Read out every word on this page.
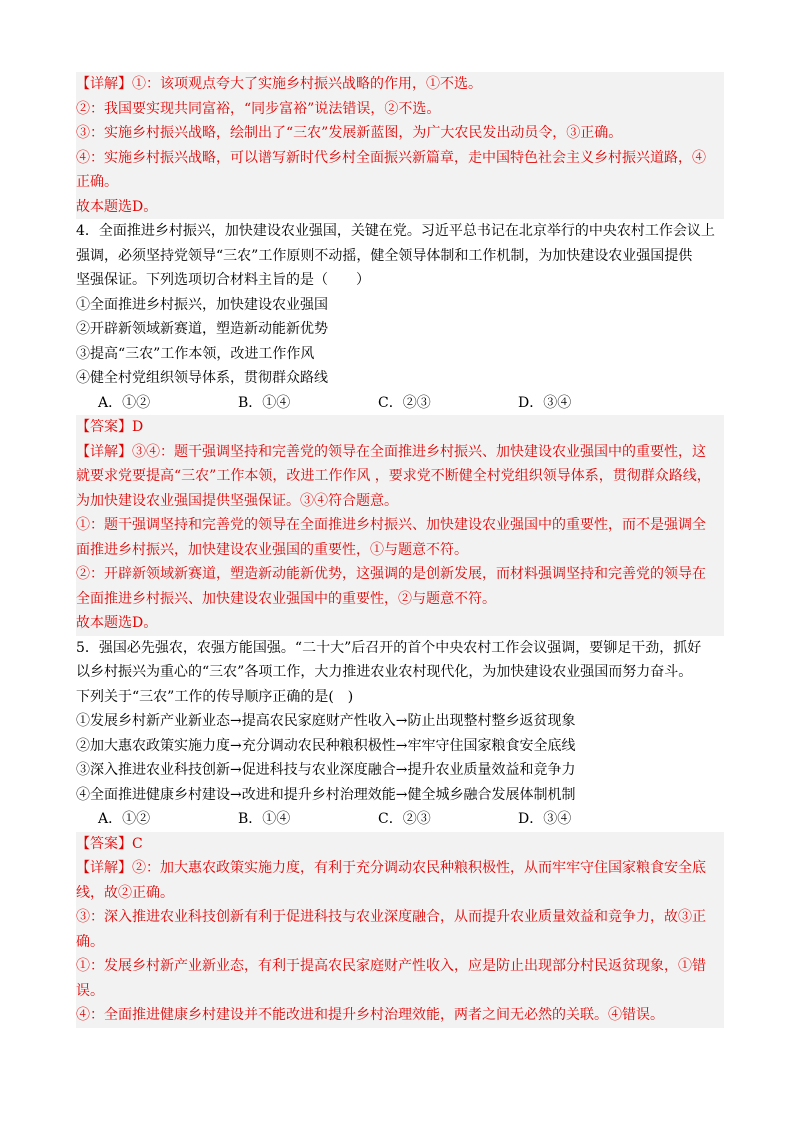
【详解】①：该项观点夸大了实施乡村振兴战略的作用，①不选。
②：我国要实现共同富裕，“同步富裕”说法错误，②不选。
③：实施乡村振兴战略，绘制出了“三农”发展新蓝图，为广大农民发出动员令，③正确。
④：实施乡村振兴战略，可以谱写新时代乡村全面振兴新篇章，走中国特色社会主义乡村振兴道路，④
正确。
故本题选D。
4．全面推进乡村振兴，加快建设农业强国，关键在党。习近平总书记在北京举行的中央农村工作会议上
强调，必须坚持党领导“三农”工作原则不动摇，健全领导体制和工作机制，为加快建设农业强国提供
坚强保证。下列选项切合材料主旨的是（　　）
①全面推进乡村振兴，加快建设农业强国
②开辟新领域新赛道，塑造新动能新优势
③提高“三农”工作本领，改进工作作风
④健全村党组织领导体系，贯彻群众路线
A．①②	B．①④	C．②③	D．③④
【答案】D
【详解】③④：题干强调坚持和完善党的领导在全面推进乡村振兴、加快建设农业强国中的重要性，这
就要求党要提高“三农”工作本领，改进工作作风 ，要求党不断健全村党组织领导体系，贯彻群众路线，
为加快建设农业强国提供坚强保证。③④符合题意。
①：题干强调坚持和完善党的领导在全面推进乡村振兴、加快建设农业强国中的重要性，而不是强调全
面推进乡村振兴，加快建设农业强国的重要性，①与题意不符。
②：开辟新领域新赛道，塑造新动能新优势，这强调的是创新发展，而材料强调坚持和完善党的领导在
全面推进乡村振兴、加快建设农业强国中的重要性，②与题意不符。
故本题选D。
5．强国必先强农，农强方能国强。“二十大”后召开的首个中央农村工作会议强调，要铆足干劲，抓好
以乡村振兴为重心的“三农”各项工作，大力推进农业农村现代化，为加快建设农业强国而努力奋斗。
下列关于“三农”工作的传导顺序正确的是(　)
①发展乡村新产业新业态→提高农民家庭财产性收入→防止出现整村整乡返贫现象
②加大惠农政策实施力度→充分调动农民种粮积极性→牢牢守住国家粮食安全底线
③深入推进农业科技创新→促进科技与农业深度融合→提升农业质量效益和竞争力
④全面推进健康乡村建设→改进和提升乡村治理效能→健全城乡融合发展体制机制
A．①②	B．①④	C．②③	D．③④
【答案】C
【详解】②：加大惠农政策实施力度，有利于充分调动农民种粮积极性，从而牢牢守住国家粮食安全底
线，故②正确。
③：深入推进农业科技创新有利于促进科技与农业深度融合，从而提升农业质量效益和竞争力，故③正
确。
①：发展乡村新产业新业态，有利于提高农民家庭财产性收入，应是防止出现部分村民返贫现象，①错
误。
④：全面推进健康乡村建设并不能改进和提升乡村治理效能，两者之间无必然的关联。④错误。
